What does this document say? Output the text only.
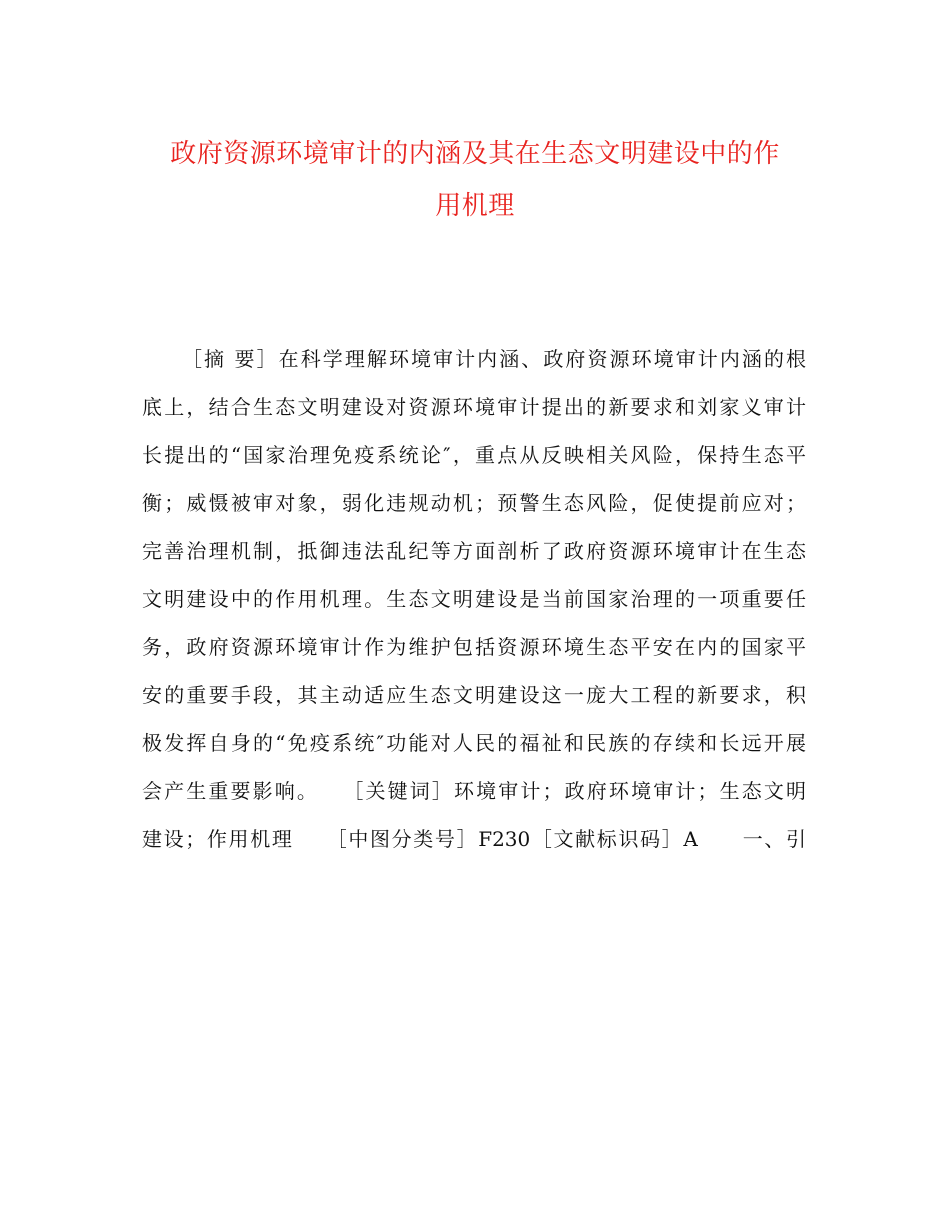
政府资源环境审计的内涵及其在生态文明建设中的作
用机理
［摘 要］在科学理解环境审计内涵、政府资源环境审计内涵的根
底上，结合生态文明建设对资源环境审计提出的新要求和刘家义审计
长提出的“国家治理免疫系统论″，重点从反映相关风险，保持生态平
衡；威慑被审对象，弱化违规动机；预警生态风险，促使提前应对；
完善治理机制，抵御违法乱纪等方面剖析了政府资源环境审计在生态
文明建设中的作用机理。生态文明建设是当前国家治理的一项重要任
务，政府资源环境审计作为维护包括资源环境生态平安在内的国家平
安的重要手段，其主动适应生态文明建设这一庞大工程的新要求，积
极发挥自身的“免疫系统″功能对人民的福祉和民族的存续和长远开展
会产生重要影响。　　［关键词］环境审计；政府环境审计；生态文明
建设；作用机理　　［中图分类号］F230［文献标识码］A　　一、引
